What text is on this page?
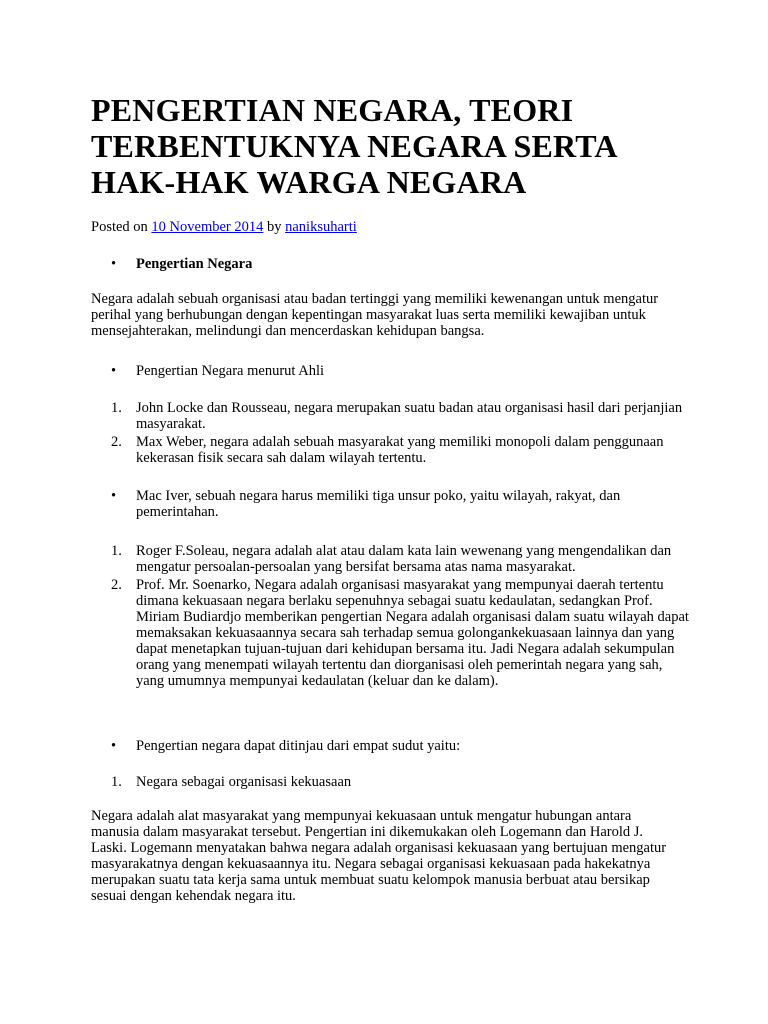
PENGERTIAN NEGARA, TEORI TERBENTUKNYA NEGARA SERTA HAK-HAK WARGA NEGARA
Posted on 10 November 2014 by naniksuharti
• Pengertian Negara

Negara adalah sebuah organisasi atau badan tertinggi yang memiliki kewenangan untuk mengatur perihal yang berhubungan dengan kepentingan masyarakat luas serta memiliki kewajiban untuk mensejahterakan, melindungi dan mencerdaskan kehidupan bangsa.

• Pengertian Negara menurut Ahli
1. John Locke dan Rousseau, negara merupakan suatu badan atau organisasi hasil dari perjanjian masyarakat.
2. Max Weber, negara adalah sebuah masyarakat yang memiliki monopoli dalam penggunaan kekerasan fisik secara sah dalam wilayah tertentu.
• Mac Iver, sebuah negara harus memiliki tiga unsur poko, yaitu wilayah, rakyat, dan pemerintahan.
1. Roger F.Soleau, negara adalah alat atau dalam kata lain wewenang yang mengendalikan dan mengatur persoalan-persoalan yang bersifat bersama atas nama masyarakat.
2. Prof. Mr. Soenarko, Negara adalah organisasi masyarakat yang mempunyai daerah tertentu dimana kekuasaan negara berlaku sepenuhnya sebagai suatu kedaulatan, sedangkan Prof. Miriam Budiardjo memberikan pengertian Negara adalah organisasi dalam suatu wilayah dapat memaksakan kekuasaannya secara sah terhadap semua golongankekuasaan lainnya dan yang dapat menetapkan tujuan-tujuan dari kehidupan bersama itu. Jadi Negara adalah sekumpulan orang yang menempati wilayah tertentu dan diorganisasi oleh pemerintah negara yang sah, yang umumnya mempunyai kedaulatan (keluar dan ke dalam).
• Pengertian negara dapat ditinjau dari empat sudut yaitu:
1. Negara sebagai organisasi kekuasaan

Negara adalah alat masyarakat yang mempunyai kekuasaan untuk mengatur hubungan antara manusia dalam masyarakat tersebut. Pengertian ini dikemukakan oleh Logemann dan Harold J. Laski. Logemann menyatakan bahwa negara adalah organisasi kekuasaan yang bertujuan mengatur masyarakatnya dengan kekuasaannya itu. Negara sebagai organisasi kekuasaan pada hakekatnya merupakan suatu tata kerja sama untuk membuat suatu kelompok manusia berbuat atau bersikap sesuai dengan kehendak negara itu.
